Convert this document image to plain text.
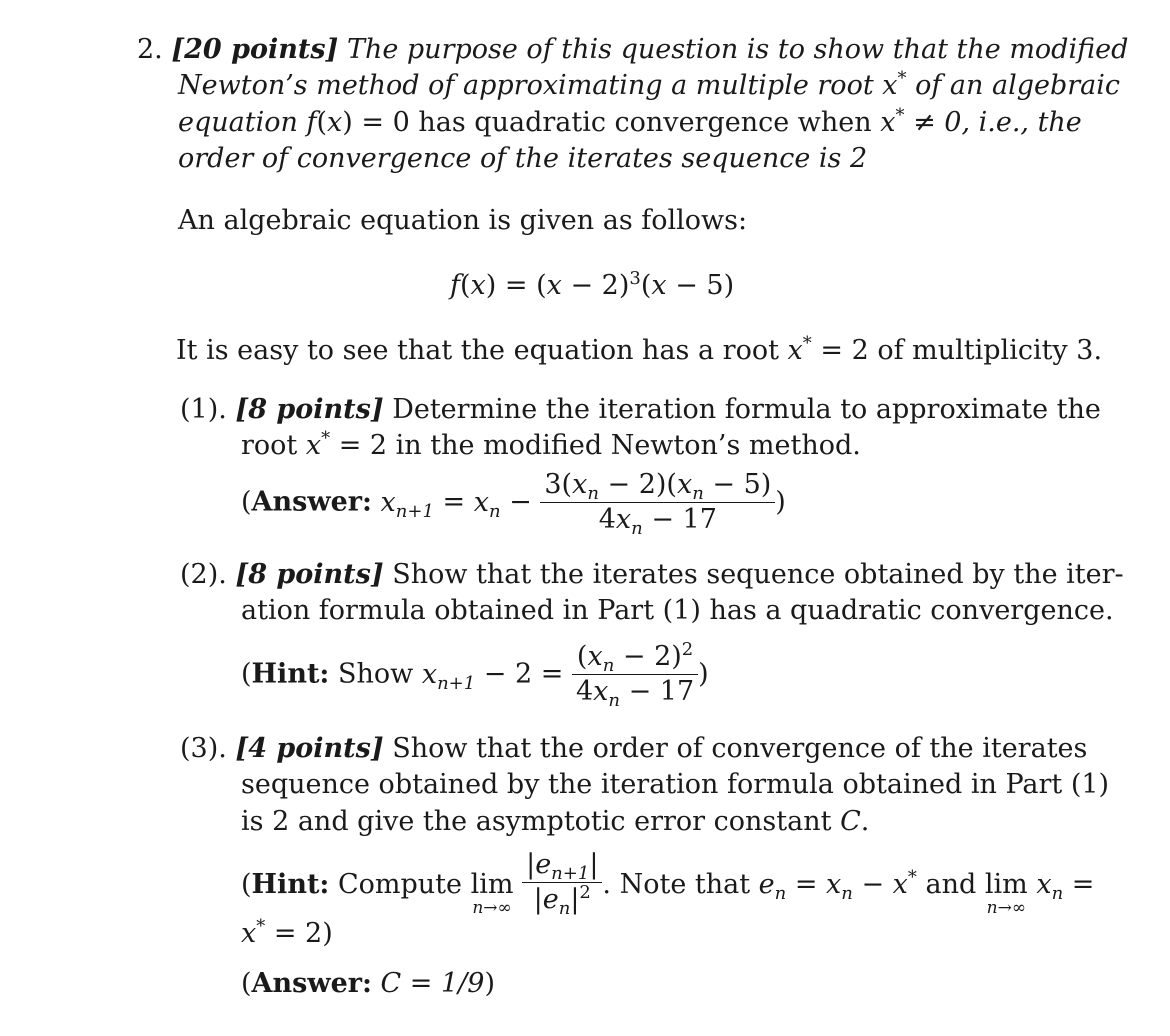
2. [20 points] The purpose of this question is to show that the modified
Newton’s method of approximating a multiple root x* of an algebraic
equation f(x) = 0 has quadratic convergence when x* ≠ 0, i.e., the
order of convergence of the iterates sequence is 2
An algebraic equation is given as follows:
$f(x) = (x - 2)^3(x - 5)$
It is easy to see that the equation has a root x* = 2 of multiplicity 3.
(1). [8 points] Determine the iteration formula to approximate the
root x* = 2 in the modified Newton’s method.
(Answer: $x_{n+1} = x_n - \frac{3(x_n - 2)(x_n - 5)}{4x_n - 17}$ )
(2). [8 points] Show that the iterates sequence obtained by the iter-
ation formula obtained in Part (1) has a quadratic convergence.
(Hint: Show $x_{n+1} - 2 = \frac{(x_n - 2)^2}{4x_n - 17}$ )
(3). [4 points] Show that the order of convergence of the iterates
sequence obtained by the iteration formula obtained in Part (1)
is 2 and give the asymptotic error constant C.
(Hint: Compute lim
n→∞
$\frac{|e_{n+1}|}{|e_n|^2}$ . Note that $e_n = x_n - x^*$ and lim
n→∞
$x_n$ =
x* = 2)
(Answer: C = 1/9)
